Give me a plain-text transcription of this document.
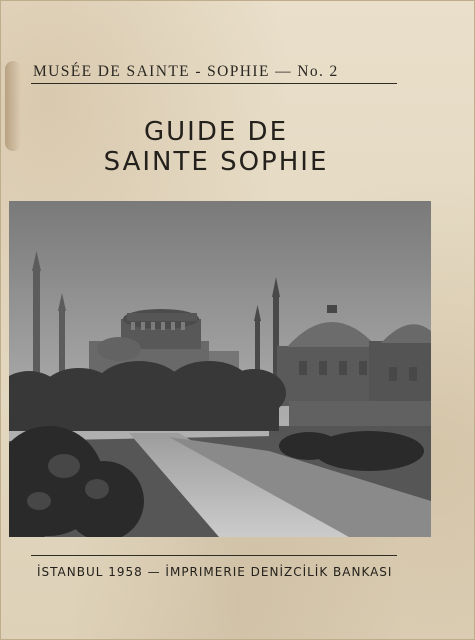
MUSÉE DE SAINTE - SOPHIE — No. 2
GUIDE DE
SAINTE SOPHIE
İSTANBUL 1958 — İMPRIMERIE DENİZCİLİK BANKASI
